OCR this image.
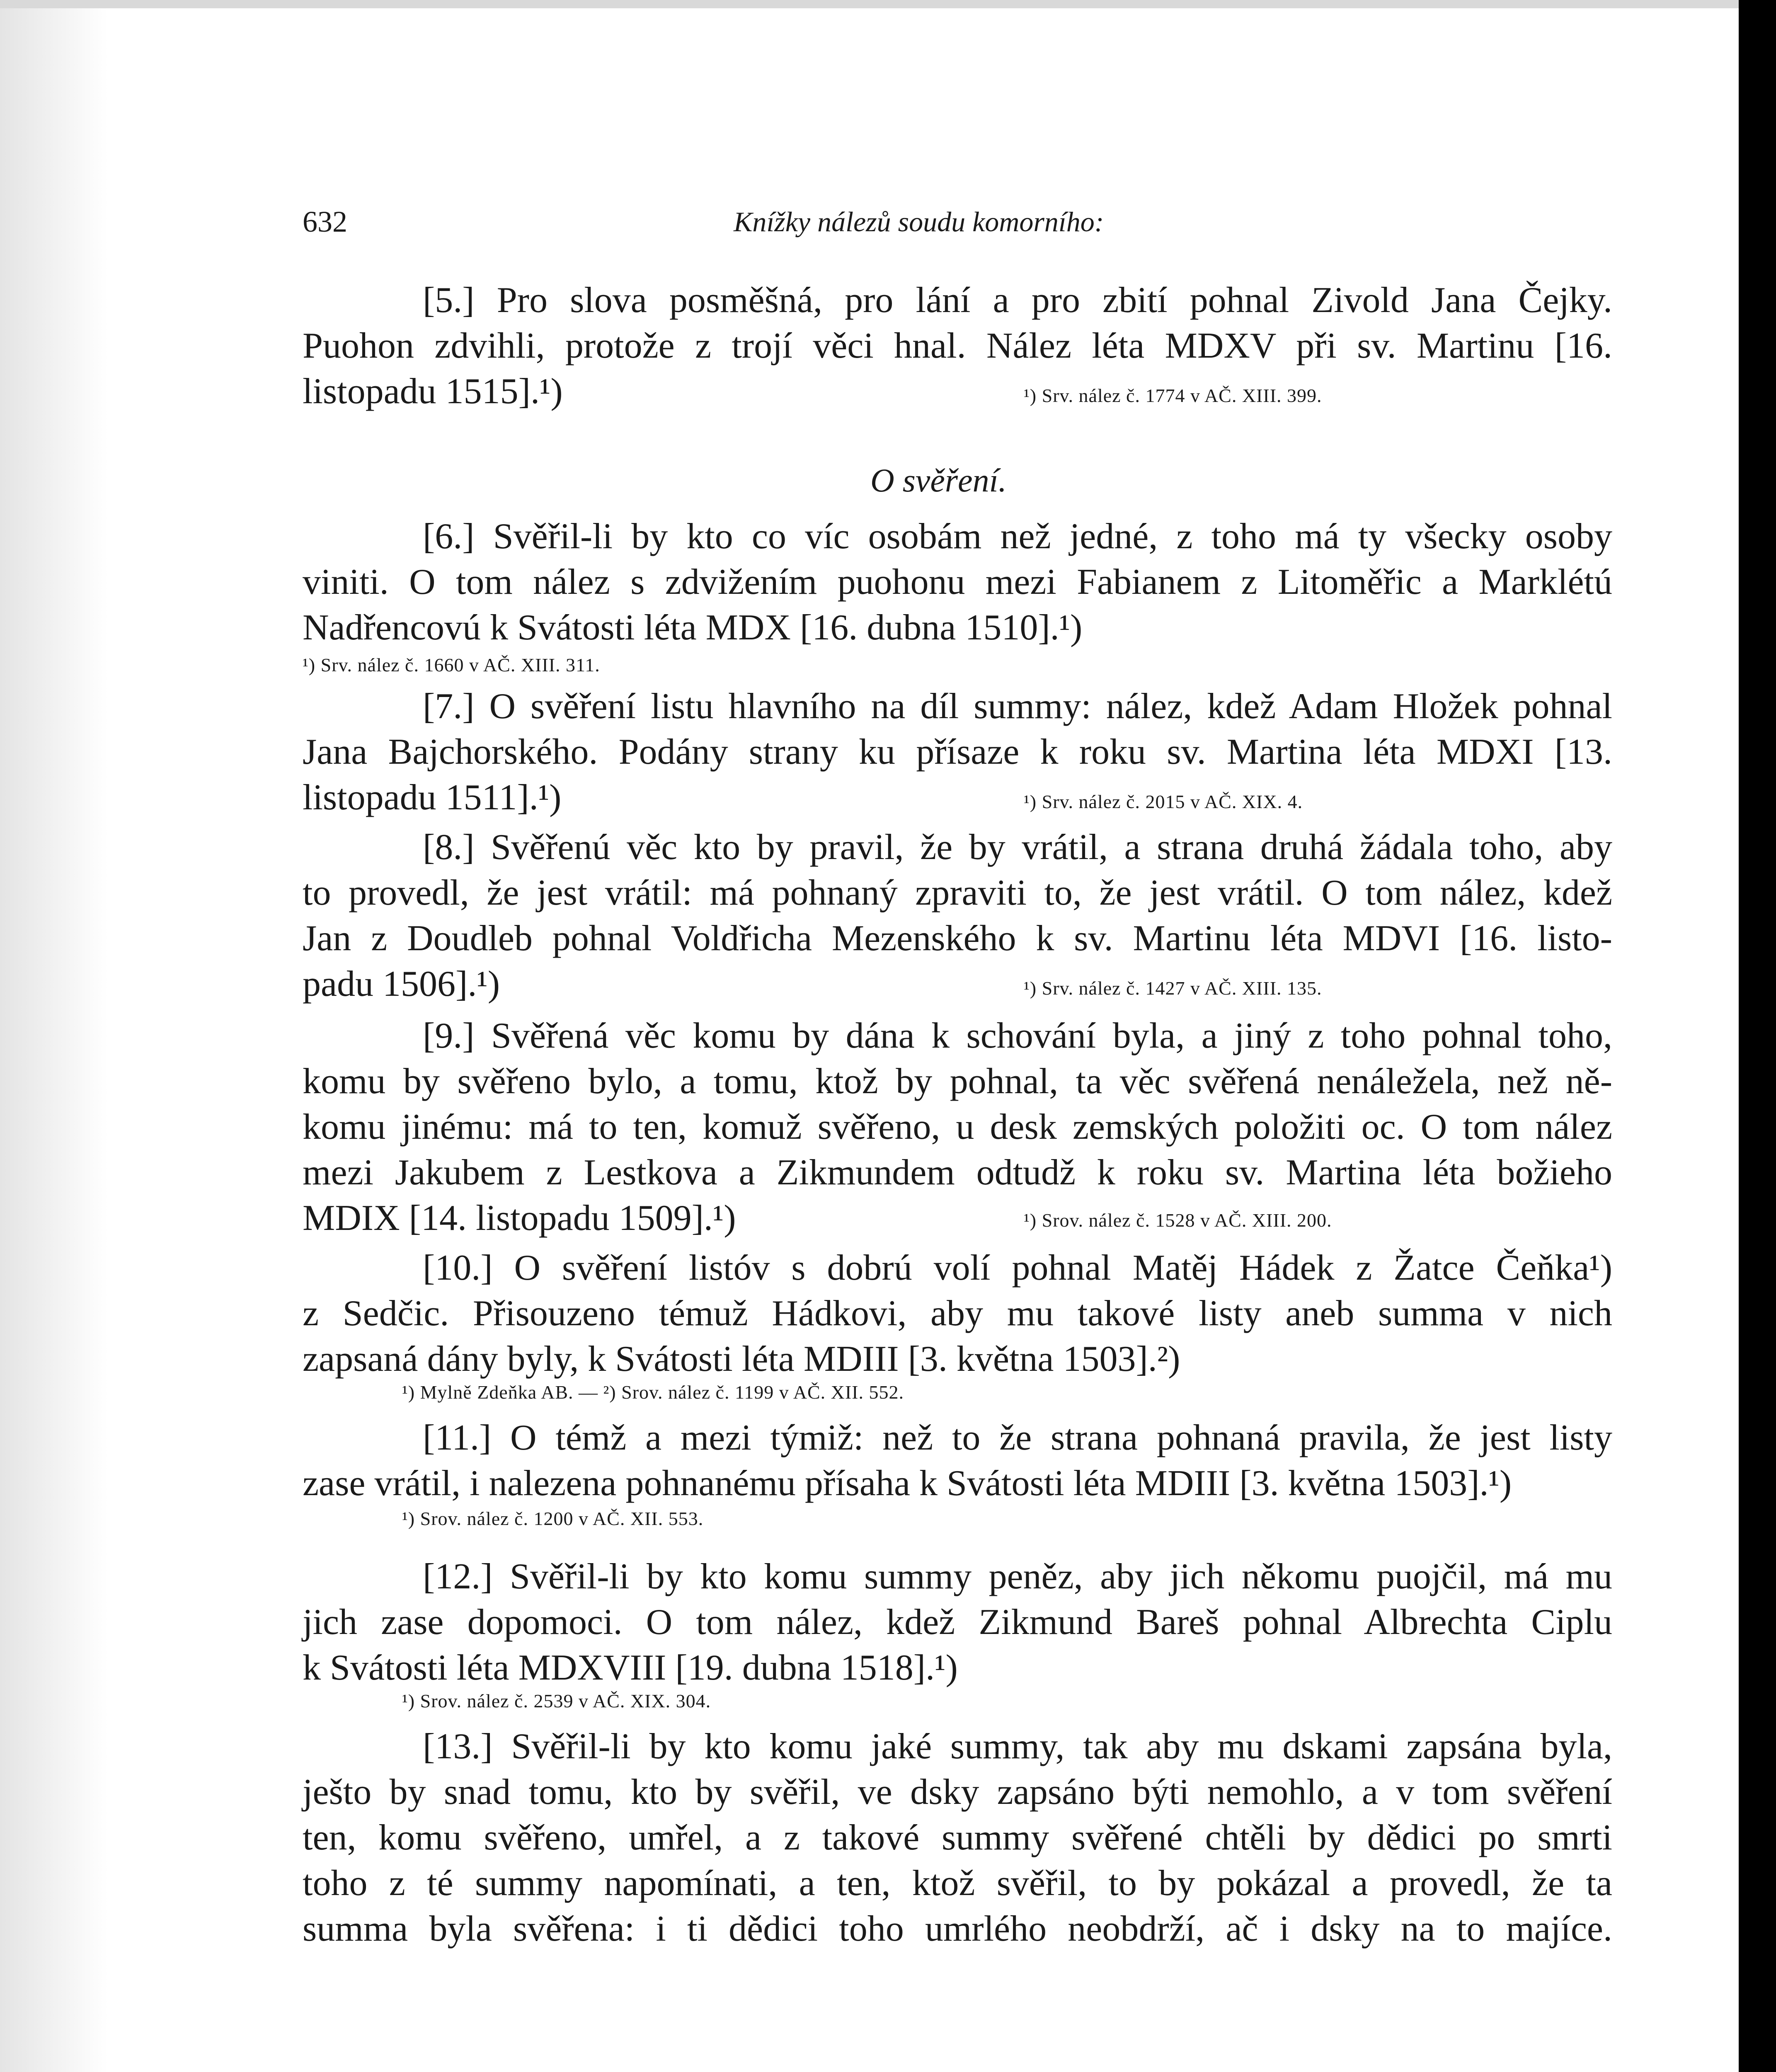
632	Knížky nálezů soudu komorního:
O svěření.
[5.] Pro slova posměšná, pro lání a pro zbití pohnal Zivold Jana Čejky.
Puohon zdvihli, protože z trojí věci hnal. Nález léta MDXV při sv. Martinu [16.
listopadu 1515].¹)	¹) Srv. nález č. 1774 v AČ. XIII. 399.
[6.] Svěřil-li by kto co víc osobám než jedné, z toho má ty všecky osoby
viniti. O tom nález s zdvižením puohonu mezi Fabianem z Litoměřic a Marklétú
Nadřencovú k Svátosti léta MDX [16. dubna 1510].¹)
¹) Srv. nález č. 1660 v AČ. XIII. 311.
[7.] O svěření listu hlavního na díl summy: nález, kdež Adam Hložek pohnal
Jana Bajchorského. Podány strany ku přísaze k roku sv. Martina léta MDXI [13.
listopadu 1511].¹)	¹) Srv. nález č. 2015 v AČ. XIX. 4.
[8.] Svěřenú věc kto by pravil, že by vrátil, a strana druhá žádala toho, aby
to provedl, že jest vrátil: má pohnaný zpraviti to, že jest vrátil. O tom nález, kdež
Jan z Doudleb pohnal Voldřicha Mezenského k sv. Martinu léta MDVI [16. listo-
padu 1506].¹)	¹) Srv. nález č. 1427 v AČ. XIII. 135.
[9.] Svěřená věc komu by dána k schování byla, a jiný z toho pohnal toho,
komu by svěřeno bylo, a tomu, ktož by pohnal, ta věc svěřená nenáležela, než ně-
komu jinému: má to ten, komuž svěřeno, u desk zemských položiti oc. O tom nález
mezi Jakubem z Lestkova a Zikmundem odtudž k roku sv. Martina léta božieho
MDIX [14. listopadu 1509].¹)	¹) Srov. nález č. 1528 v AČ. XIII. 200.
[10.] O svěření listóv s dobrú volí pohnal Matěj Hádek z Žatce Čeňka¹)
z Sedčic. Přisouzeno témuž Hádkovi, aby mu takové listy aneb summa v nich
zapsaná dány byly, k Svátosti léta MDIII [3. května 1503].²)
¹) Mylně Zdeňka AB. — ²) Srov. nález č. 1199 v AČ. XII. 552.
[11.] O témž a mezi týmiž: než to že strana pohnaná pravila, že jest listy
zase vrátil, i nalezena pohnanému přísaha k Svátosti léta MDIII [3. května 1503].¹)
¹) Srov. nález č. 1200 v AČ. XII. 553.
[12.] Svěřil-li by kto komu summy peněz, aby jich někomu puojčil, má mu
jich zase dopomoci. O tom nález, kdež Zikmund Bareš pohnal Albrechta Ciplu
k Svátosti léta MDXVIII [19. dubna 1518].¹)
¹) Srov. nález č. 2539 v AČ. XIX. 304.
[13.] Svěřil-li by kto komu jaké summy, tak aby mu dskami zapsána byla,
ješto by snad tomu, kto by svěřil, ve dsky zapsáno býti nemohlo, a v tom svěření
ten, komu svěřeno, umřel, a z takové summy svěřené chtěli by dědici po smrti
toho z té summy napomínati, a ten, ktož svěřil, to by pokázal a provedl, že ta
summa byla svěřena: i ti dědici toho umrlého neobdrží, ač i dsky na to majíce.
